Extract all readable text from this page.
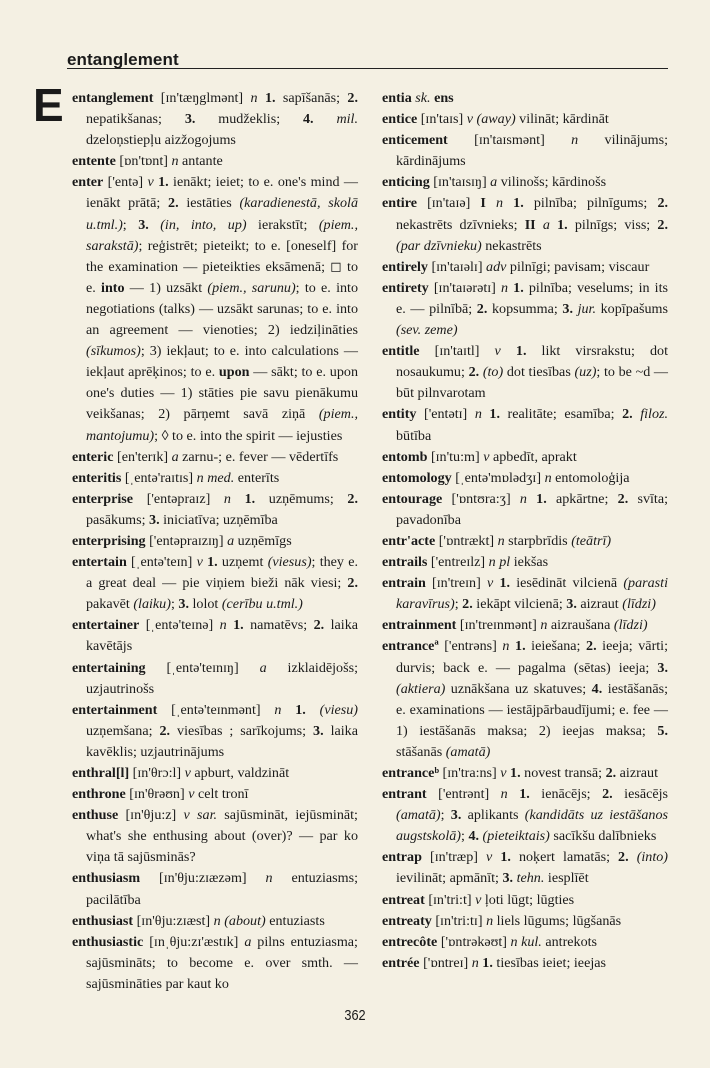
entanglement
E entanglement [ɪn'tæŋglmənt] n 1. sapīšanās; 2. nepatikšanas; 3. mudžeklis; 4. mil. dzeloņstiepļu aizžogojums

entente [ɒn'tɒnt] n antante

enter ['entə] v 1. ienākt; ieiet; to e. one's mind — ienākt prātā; 2. iestāties (karadienestā, skolā u.tml.); 3. (in, into, up) ierakstīt; (piem., sarakstā); reģistrēt; pieteikt; to e. [oneself] for the examination — pieteikties eksāmenā; ◻ to e. into — 1) uzsākt (piem., sarunu); to e. into negotiations (talks) — uzsākt sarunas; to e. into an agreement — vienoties; 2) iedziļināties (sīkumos); 3) iekļaut; to e. into calculations — iekļaut aprēķinos; to e. upon — sākt; to e. upon one's duties — 1) stāties pie savu pienākumu veikšanas; 2) pārņemt savā ziņā (piem., mantojumu); ◊ to e. into the spirit — iejusties

enteric [en'terɪk] a zarnu-; e. fever — vēdertīfs

enteritis [ˌentə'raɪtɪs] n med. enterīts

enterprise ['entəpraɪz] n 1. uzņēmums; 2. pasākums; 3. iniciatīva; uzņēmība

enterprising ['entəpraɪzɪŋ] a uzņēmīgs

entertain [ˌentə'teɪn] v 1. uzņemt (viesus); they e. a great deal — pie viņiem bieži nāk viesi; 2. pakavēt (laiku); 3. lolot (cerību u.tml.)

entertainer [ˌentə'teɪnə] n 1. namatēvs; 2. laika kavētājs

entertaining [ˌentə'teɪnɪŋ] a izklaidējošs; uzjautrinošs

entertainment [ˌentə'teɪnmənt] n 1. (viesu) uzņemšana; 2. viesības ; sarīkojums; 3. laika kavēklis; uzjautrinājums

enthral[l] [ɪn'θrɔ:l] v apburt, valdzināt

enthrone [ɪn'θrəʊn] v celt tronī

enthuse [ɪn'θju:z] v sar. sajūsmināt, iejūsmināt; what's she enthusing about (over)? — par ko viņa tā sajūsminās?

enthusiasm [ɪn'θju:zɪæzəm] n entuziasms; pacilātība

enthusiast [ɪn'θju:zɪæst] n (about) entuziasts

enthusiastic [ɪnˌθju:zɪ'æstɪk] a pilns entuziasma; sajūsmināts; to become e. over smth. — sajūsmināties par kaut ko

entia sk. ens

entice [ɪn'taɪs] v (away) vilināt; kārdināt

enticement [ɪn'taɪsmənt] n vilinājums; kārdinājums

enticing [ɪn'taɪsɪŋ] a vilinošs; kārdinošs

entire [ɪn'taɪə] I n 1. pilnība; pilnīgums; 2. nekastrēts dzīvnieks; II a 1. pilnīgs; viss; 2. (par dzīvnieku) nekastrēts

entirely [ɪn'taɪəlɪ] adv pilnīgi; pavisam; viscaur

entirety [ɪn'taɪərətɪ] n 1. pilnība; veselums; in its e. — pilnībā; 2. kopsumma; 3. jur. kopīpašums (sev. zeme)

entitle [ɪn'taɪtl] v 1. likt virsrakstu; dot nosaukumu; 2. (to) dot tiesības (uz); to be ~d — būt pilnvarotam

entity ['entətɪ] n 1. realitāte; esamība; 2. filoz. būtība

entomb [ɪn'tu:m] v apbedīt, aprakt

entomology [ˌentə'mɒlədʒɪ] n entomoloģija

entourage ['ɒntʊra:ʒ] n 1. apkārtne; 2. svīta; pavadonība

entr'acte ['ɒntrækt] n starpbrīdis (teātrī)

entrails ['entreɪlz] n pl iekšas

entrain [ɪn'treɪn] v 1. iesēdināt vilcienā (parasti karavīrus); 2. iekāpt vilcienā; 3. aizraut (līdzi)

entrainment [ɪn'treɪnmənt] n aizraušana (līdzi)

entranceª ['entrəns] n 1. ieiešana; 2. ieeja; vārti; durvis; back e. — pagalma (sētas) ieeja; 3. (aktiera) uznākšana uz skatuves; 4. iestāšanās; e. examinations — iestājpārbaudījumi; e. fee — 1) iestāšanās maksa; 2) ieejas maksa; 5. stāšanās (amatā)

entranceᵇ [ɪn'tra:ns] v 1. novest transā; 2. aizraut

entrant ['entrənt] n 1. ienācējs; 2. iesācējs (amatā); 3. aplikants (kandidāts uz iestāšanos augstskolā); 4. (pieteiktais) sacīkšu dalībnieks

entrap [ɪn'træp] v 1. noķert lamatās; 2. (into) ievilināt; apmānīt; 3. tehn. iesplīēt

entreat [ɪn'tri:t] v ļoti lūgt; lūgties

entreaty [ɪn'tri:tɪ] n liels lūgums; lūgšanās

entrecôte ['ɒntrəkəʊt] n kul. antrekots

entrée ['ɒntreɪ] n 1. tiesības ieiet; ieejas

362
